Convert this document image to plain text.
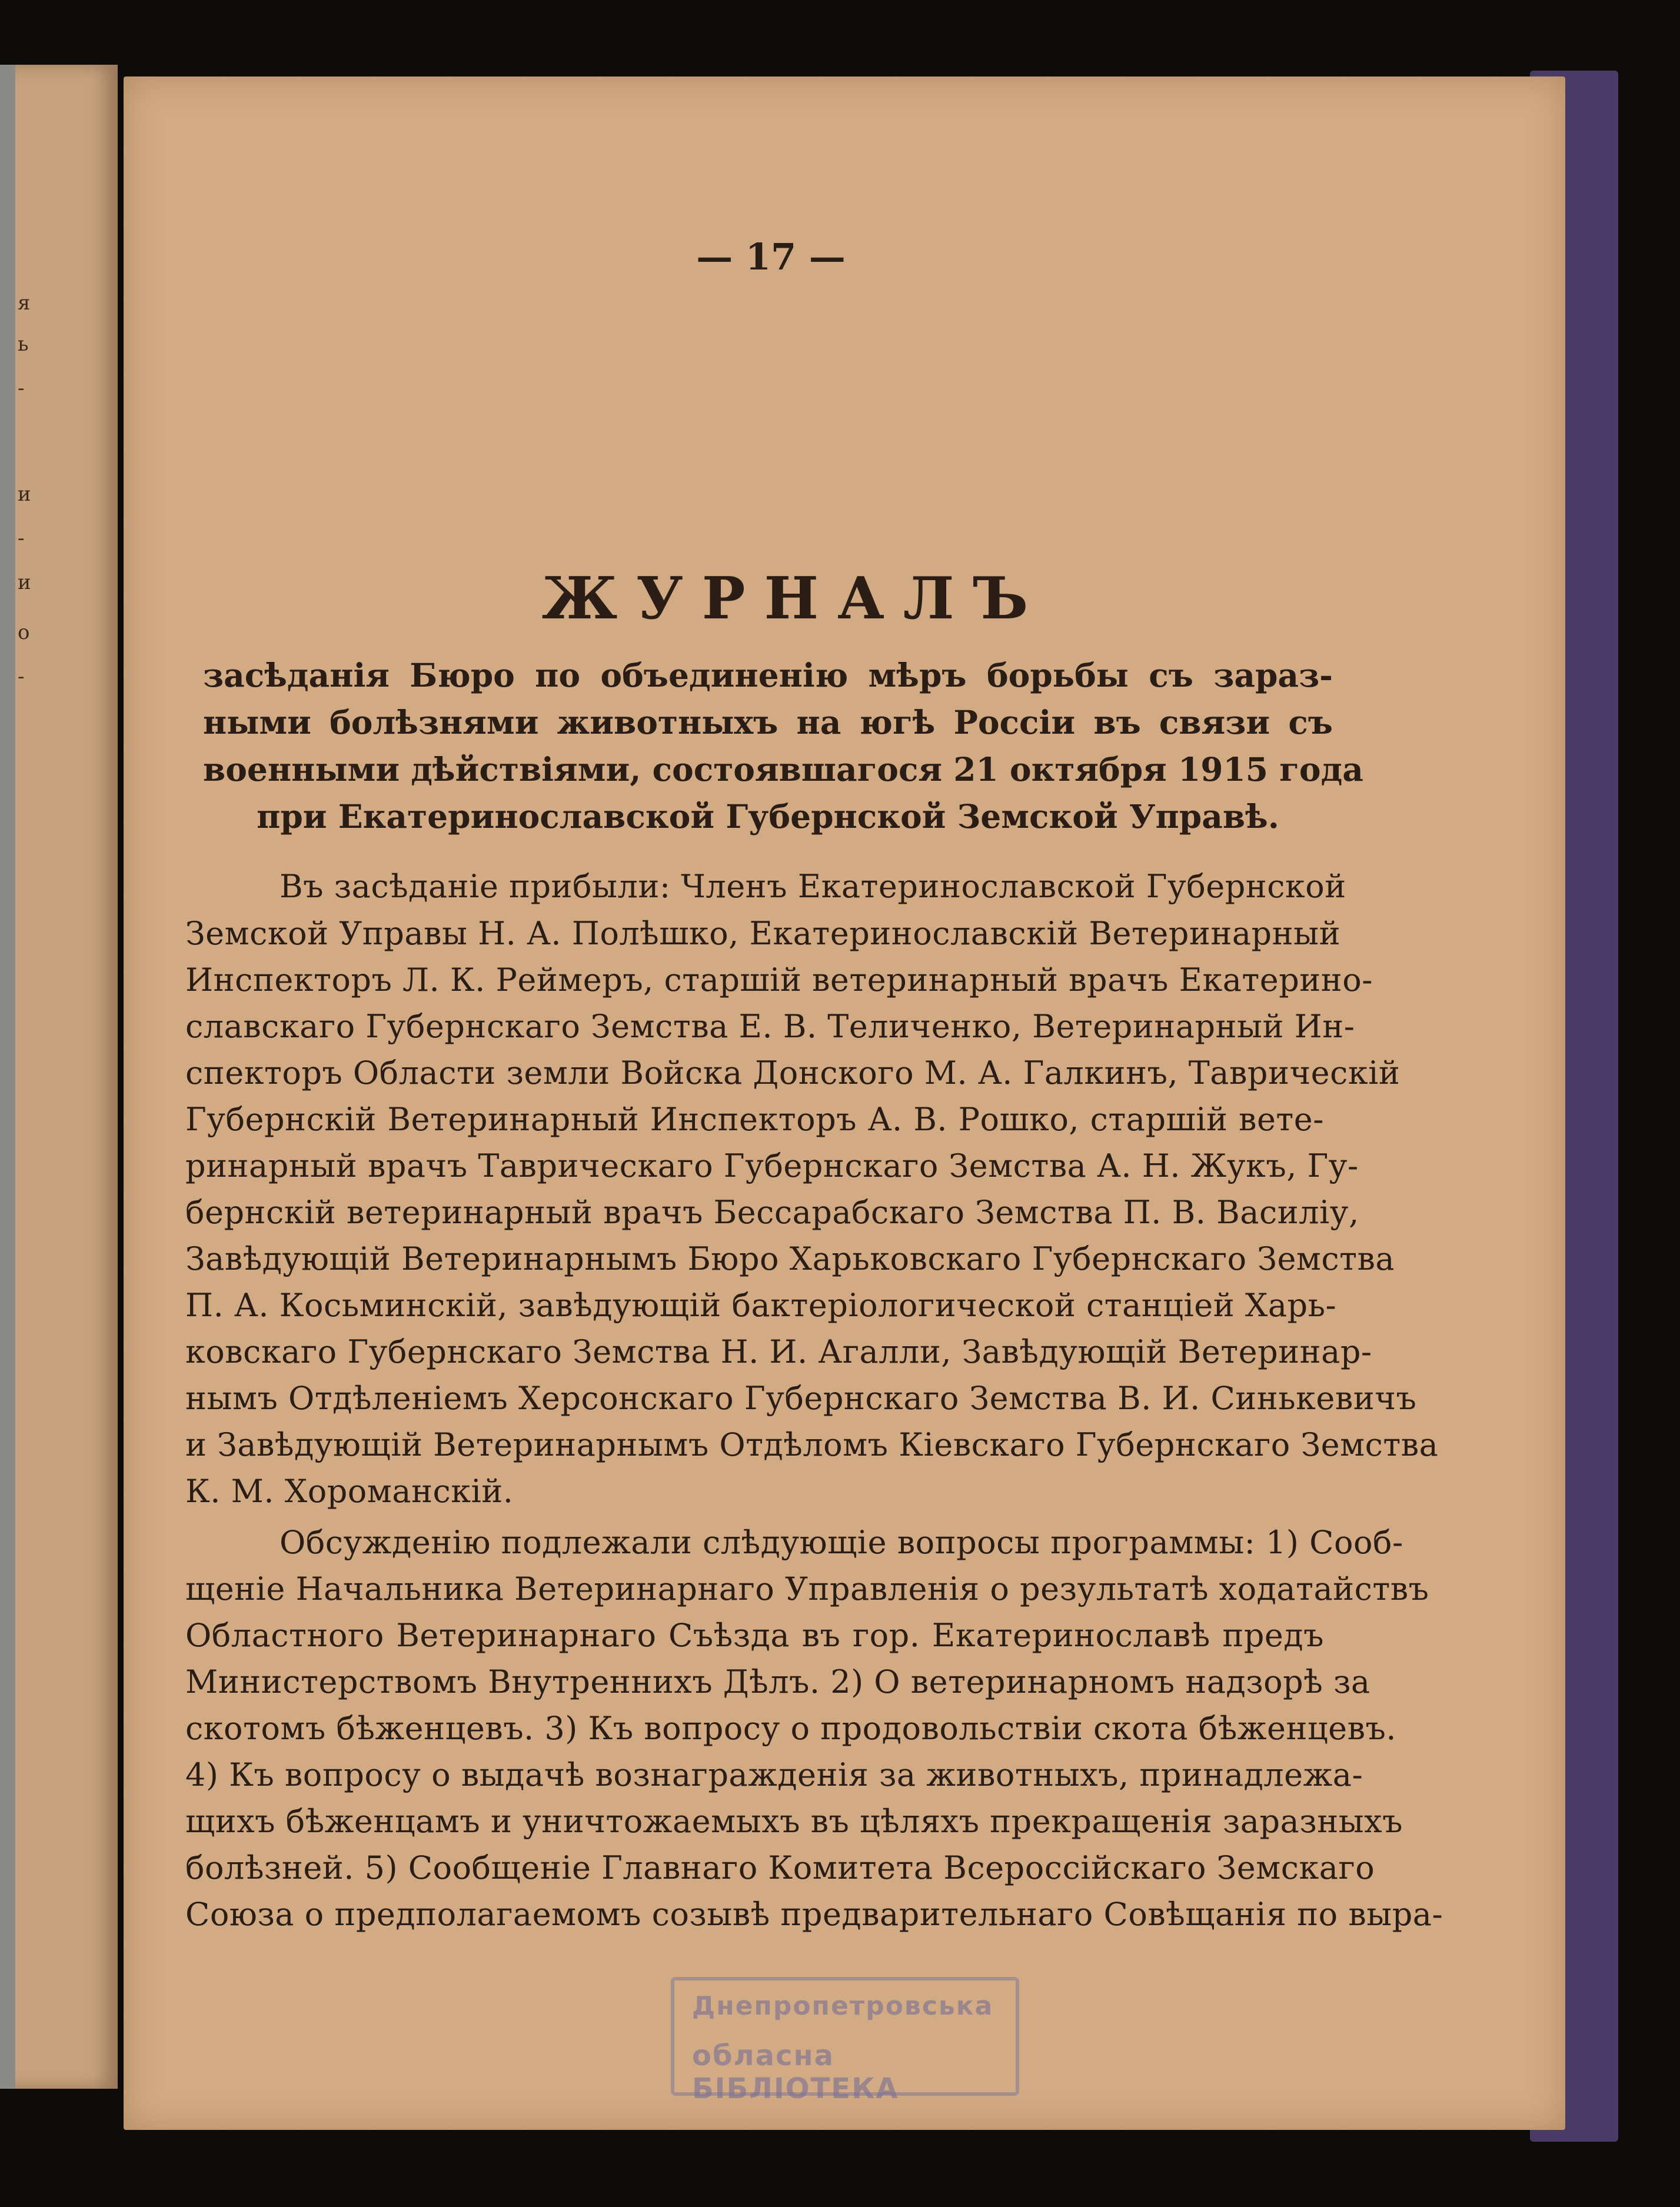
я
ь
-
и
-
и
о
-
— 17 —
ЖУРНАЛЪ
засѣданія Бюро по объединенію мѣръ борьбы съ зараз-
ными болѣзнями животныхъ на югѣ Россіи въ связи съ
военными дѣйствіями, состоявшагося 21 октября 1915 года
при Екатеринославской Губернской Земской Управѣ.
Въ засѣданіе прибыли: Членъ Екатеринославской Губернской
Земской Управы Н. А. Полѣшко, Екатеринославскій Ветеринарный
Инспекторъ Л. К. Реймеръ, старшій ветеринарный врачъ Екатерино-
славскаго Губернскаго Земства Е. В. Теличенко, Ветеринарный Ин-
спекторъ Области земли Войска Донского М. А. Галкинъ, Таврическій
Губернскій Ветеринарный Инспекторъ А. В. Рошко, старшій вете-
ринарный врачъ Таврическаго Губернскаго Земства А. Н. Жукъ, Гу-
бернскій ветеринарный врачъ Бессарабскаго Земства П. В. Василіу,
Завѣдующій Ветеринарнымъ Бюро Харьковскаго Губернскаго Земства
П. А. Косьминскій, завѣдующій бактеріологической станціей Харь-
ковскаго Губернскаго Земства Н. И. Агалли, Завѣдующій Ветеринар-
нымъ Отдѣленіемъ Херсонскаго Губернскаго Земства В. И. Синькевичъ
и Завѣдующій Ветеринарнымъ Отдѣломъ Кіевскаго Губернскаго Земства
К. М. Хороманскій.
Обсужденію подлежали слѣдующіе вопросы программы: 1) Сооб-
щеніе Начальника Ветеринарнаго Управленія о результатѣ ходатайствъ
Областного Ветеринарнаго Съѣзда въ гор. Екатеринославѣ предъ
Министерствомъ Внутреннихъ Дѣлъ. 2) О ветеринарномъ надзорѣ за
скотомъ бѣженцевъ. 3) Къ вопросу о продовольствіи скота бѣженцевъ.
4) Къ вопросу о выдачѣ вознагражденія за животныхъ, принадлежа-
щихъ бѣженцамъ и уничтожаемыхъ въ цѣляхъ прекращенія заразныхъ
болѣзней. 5) Сообщеніе Главнаго Комитета Всероссійскаго Земскаго
Союза о предполагаемомъ созывѣ предварительнаго Совѣщанія по выра-
Днепропетровська
обласна БІБЛІОТЕКА
